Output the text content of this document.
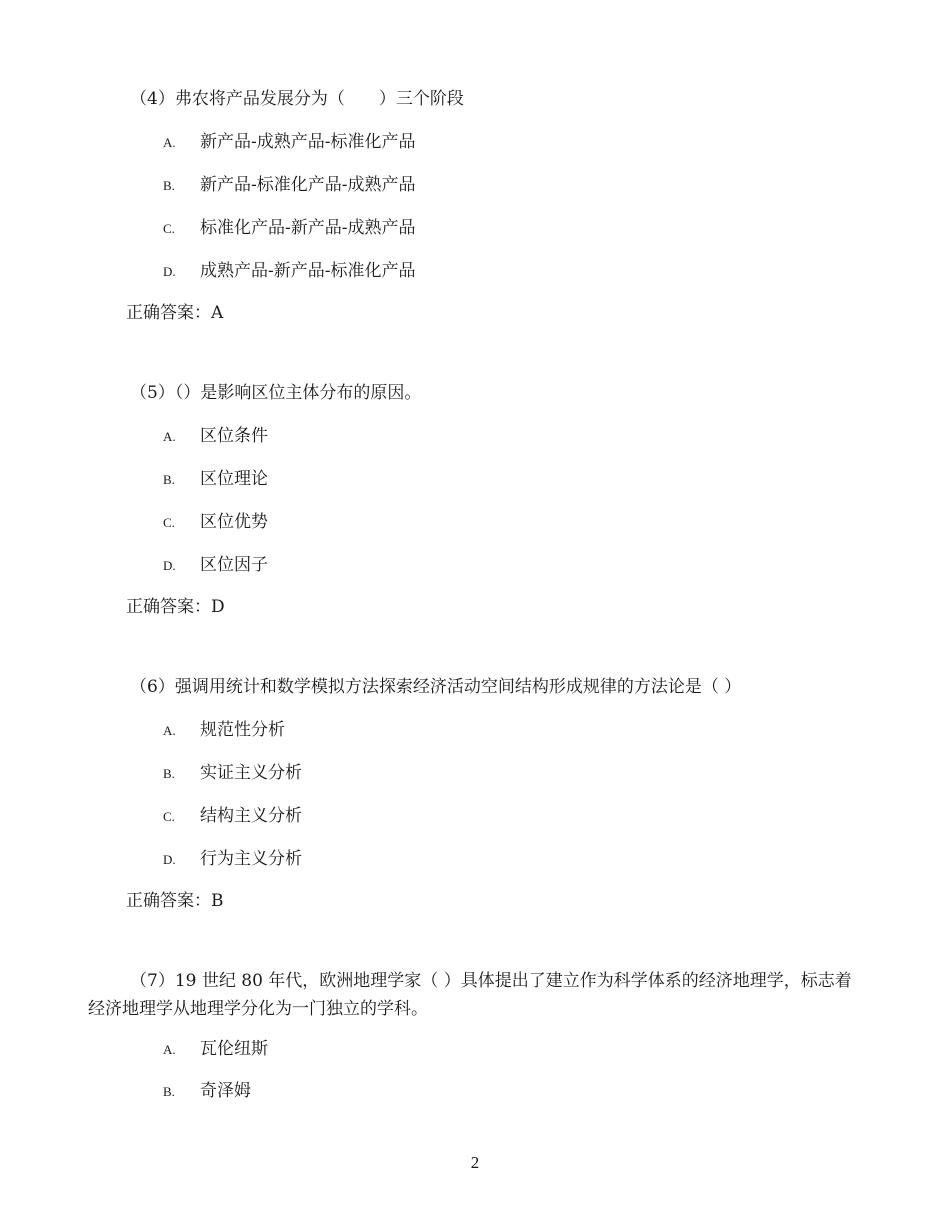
（4）弗农将产品发展分为（　　）三个阶段
A. 新产品-成熟产品-标准化产品
B. 新产品-标准化产品-成熟产品
C. 标准化产品-新产品-成熟产品
D. 成熟产品-新产品-标准化产品
正确答案：A
（5）（）是影响区位主体分布的原因。
A. 区位条件
B. 区位理论
C. 区位优势
D. 区位因子
正确答案：D
（6）强调用统计和数学模拟方法探索经济活动空间结构形成规律的方法论是（ ）
A. 规范性分析
B. 实证主义分析
C. 结构主义分析
D. 行为主义分析
正确答案：B
（7）19 世纪 80 年代，欧洲地理学家（ ）具体提出了建立作为科学体系的经济地理学，标志着经济地理学从地理学分化为一门独立的学科。
A. 瓦伦纽斯
B. 奇泽姆
2
